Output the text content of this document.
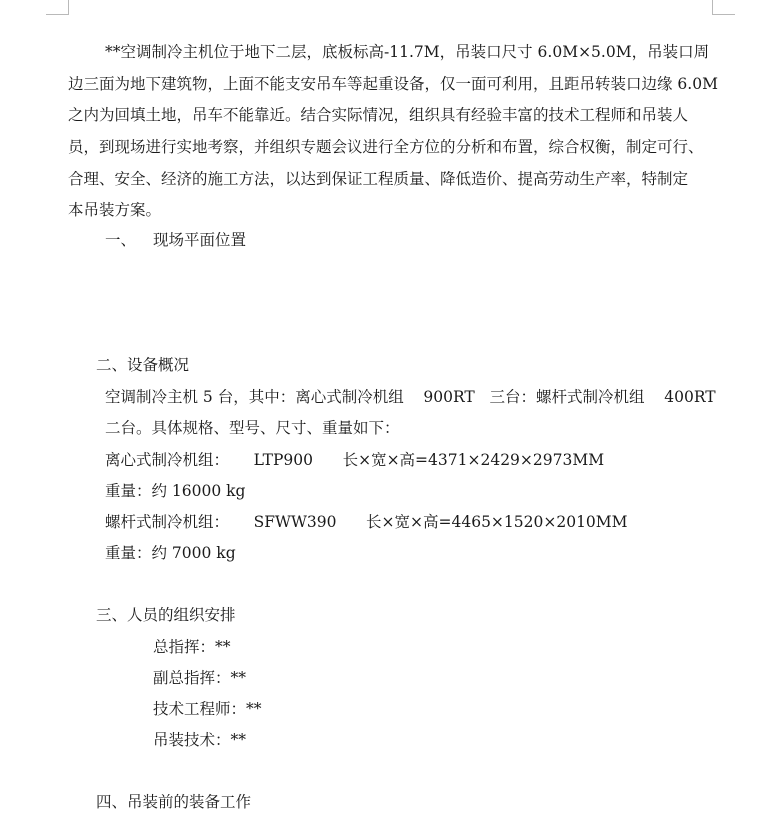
**空调制冷主机位于地下二层，底板标高-11.7M，吊装口尺寸 6.0M×5.0M，吊装口周
边三面为地下建筑物，上面不能支安吊车等起重设备，仅一面可利用，且距吊转装口边缘 6.0M
之内为回填土地，吊车不能靠近。结合实际情况，组织具有经验丰富的技术工程师和吊装人
员，到现场进行实地考察，并组织专题会议进行全方位的分析和布置，综合权衡，制定可行、
合理、安全、经济的施工方法，以达到保证工程质量、降低造价、提高劳动生产率，特制定
本吊装方案。
一、 现场平面位置
二、设备概况
空调制冷主机 5 台，其中：离心式制冷机组    900RT   三台：螺杆式制冷机组    400RT
二台。具体规格、型号、尺寸、重量如下：
离心式制冷机组：     LTP900      长×宽×高=4371×2429×2973MM
重量：约 16000 kg
螺杆式制冷机组：     SFWW390      长×宽×高=4465×1520×2010MM
重量：约 7000 kg
三、人员的组织安排
总指挥：**
副总指挥：**
技术工程师：**
吊装技术：**
四、吊装前的装备工作
